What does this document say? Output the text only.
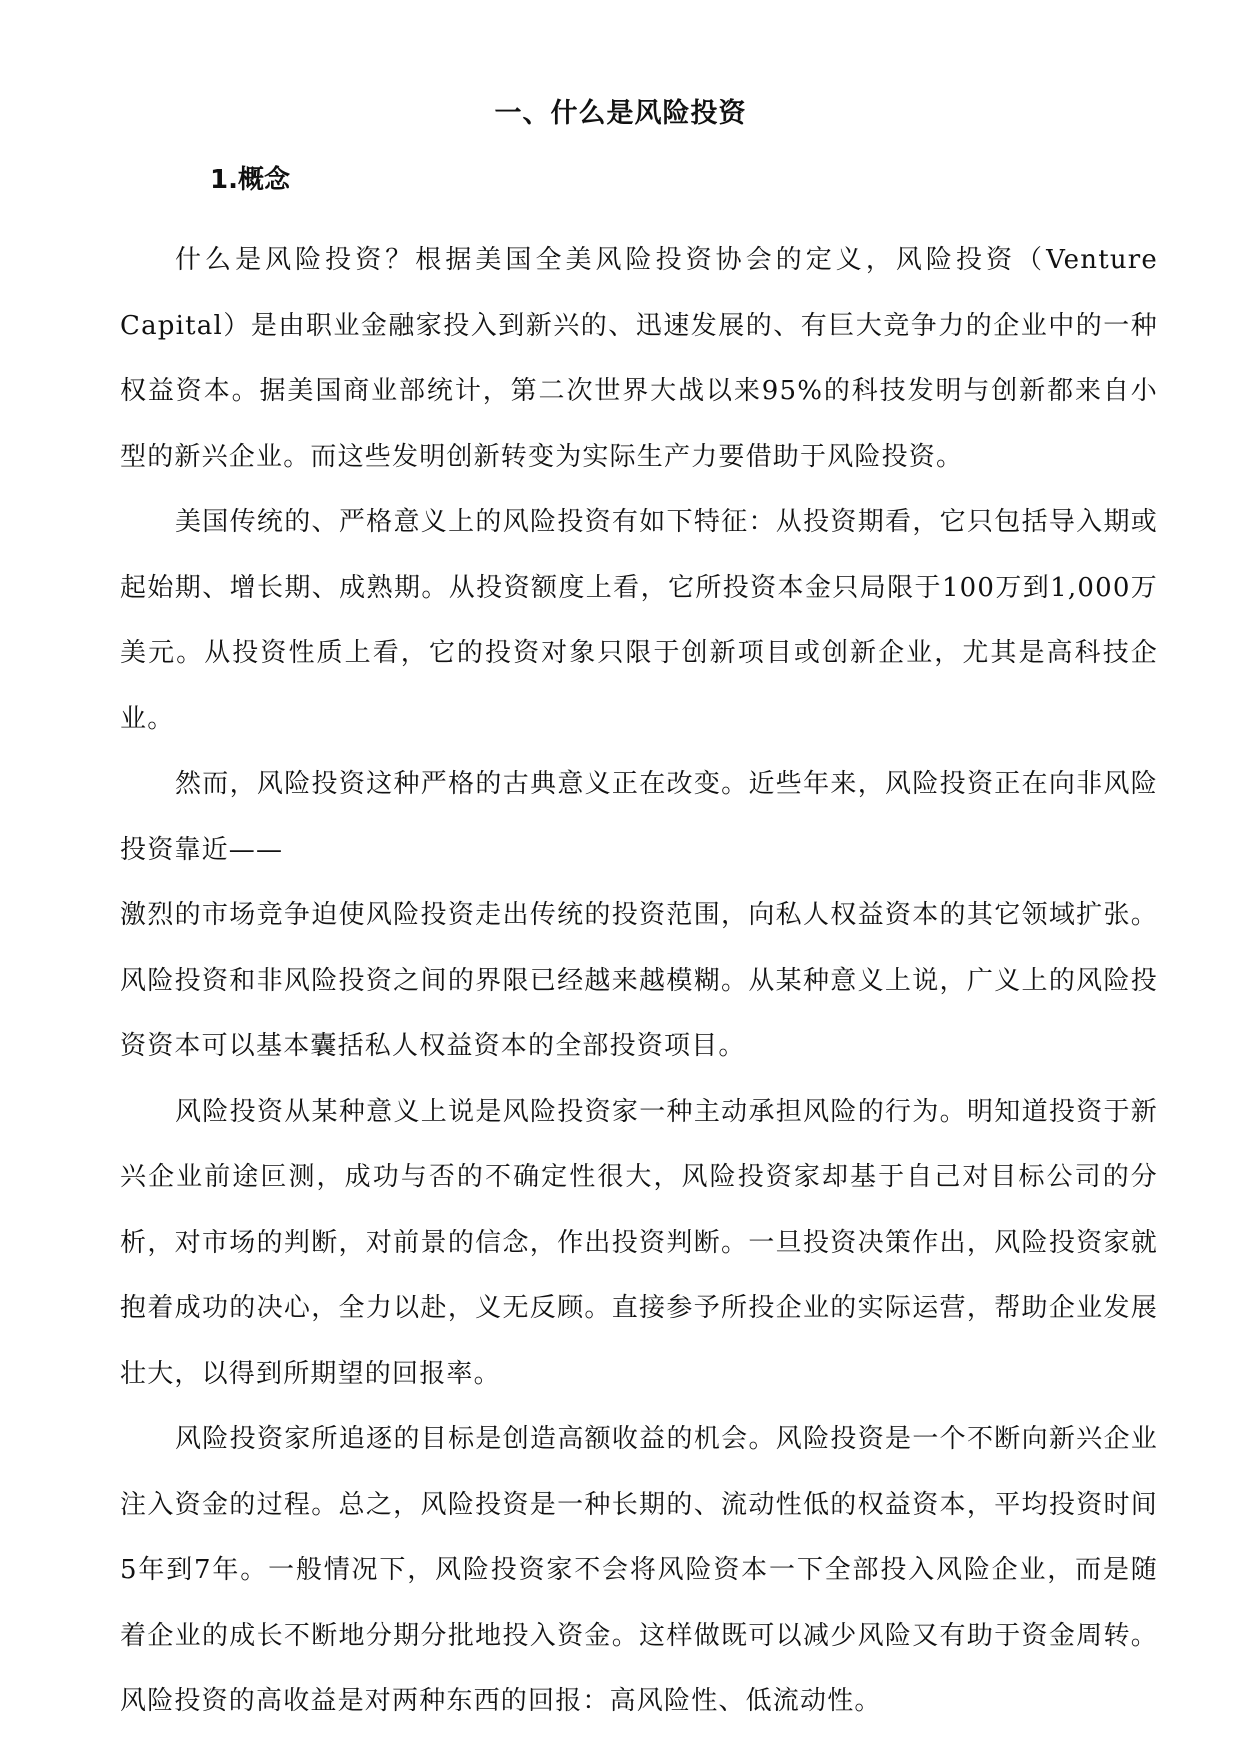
一、什么是风险投资
1.概念

什么是风险投资？根据美国全美风险投资协会的定义，风险投资（Venture Capital）是由职业金融家投入到新兴的、迅速发展的、有巨大竞争力的企业中的一种权益资本。据美国商业部统计，第二次世界大战以来95%的科技发明与创新都来自小型的新兴企业。而这些发明创新转变为实际生产力要借助于风险投资。

美国传统的、严格意义上的风险投资有如下特征：从投资期看，它只包括导入期或起始期、增长期、成熟期。从投资额度上看，它所投资本金只局限于100万到1,000万美元。从投资性质上看，它的投资对象只限于创新项目或创新企业，尤其是高科技企业。

然而，风险投资这种严格的古典意义正在改变。近些年来，风险投资正在向非风险投资靠近——

激烈的市场竞争迫使风险投资走出传统的投资范围，向私人权益资本的其它领域扩张。风险投资和非风险投资之间的界限已经越来越模糊。从某种意义上说，广义上的风险投资资本可以基本囊括私人权益资本的全部投资项目。

风险投资从某种意义上说是风险投资家一种主动承担风险的行为。明知道投资于新兴企业前途叵测，成功与否的不确定性很大，风险投资家却基于自己对目标公司的分析，对市场的判断，对前景的信念，作出投资判断。一旦投资决策作出，风险投资家就抱着成功的决心，全力以赴，义无反顾。直接参予所投企业的实际运营，帮助企业发展壮大，以得到所期望的回报率。

风险投资家所追逐的目标是创造高额收益的机会。风险投资是一个不断向新兴企业注入资金的过程。总之，风险投资是一种长期的、流动性低的权益资本，平均投资时间5年到7年。一般情况下，风险投资家不会将风险资本一下全部投入风险企业，而是随着企业的成长不断地分期分批地投入资金。这样做既可以减少风险又有助于资金周转。风险投资的高收益是对两种东西的回报：高风险性、低流动性。
